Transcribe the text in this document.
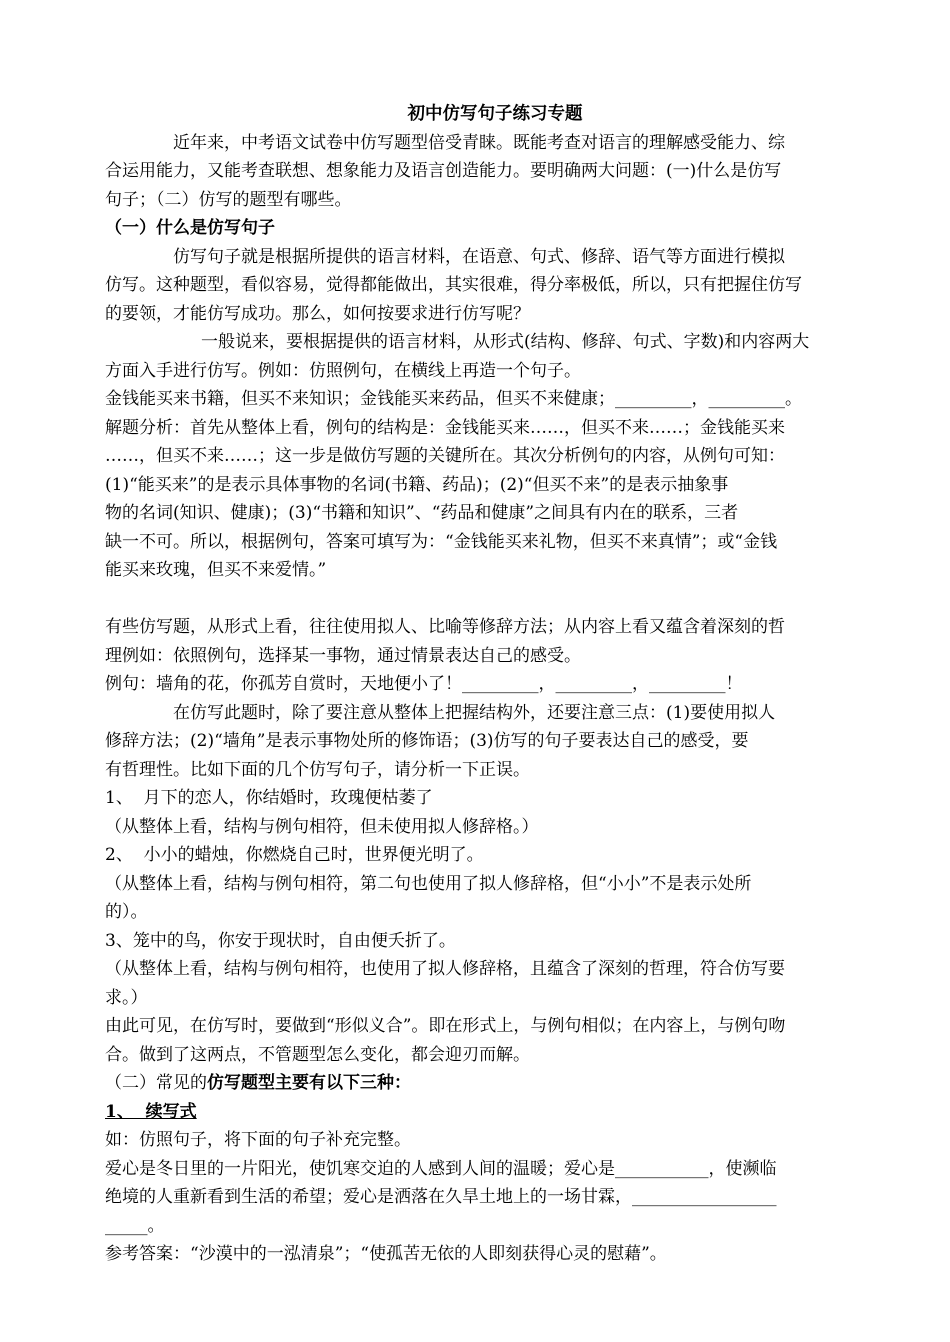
初中仿写句子练习专题
近年来，中考语文试卷中仿写题型倍受青睐。既能考查对语言的理解感受能力、综
合运用能力，又能考查联想、想象能力及语言创造能力。要明确两大问题：(一)什么是仿写
句子；（二）仿写的题型有哪些。
（一）什么是仿写句子
仿写句子就是根据所提供的语言材料，在语意、句式、修辞、语气等方面进行模拟
仿写。这种题型，看似容易，觉得都能做出，其实很难，得分率极低，所以，只有把握住仿写
的要领，才能仿写成功。那么，如何按要求进行仿写呢？
一般说来，要根据提供的语言材料，从形式(结构、修辞、句式、字数)和内容两大
方面入手进行仿写。例如：仿照例句，在横线上再造一个句子。
金钱能买来书籍，但买不来知识；金钱能买来药品，但买不来健康；_________，_________。
解题分析：首先从整体上看，例句的结构是：金钱能买来……，但买不来……；金钱能买来
……，但买不来……；这一步是做仿写题的关键所在。其次分析例句的内容，从例句可知：
(1)“能买来”的是表示具体事物的名词(书籍、药品)；(2)“但买不来”的是表示抽象事
物的名词(知识、健康)；(3)“书籍和知识”、“药品和健康”之间具有内在的联系，三者
缺一不可。所以，根据例句，答案可填写为：“金钱能买来礼物，但买不来真情”；或“金钱
能买来玫瑰，但买不来爱情。”
有些仿写题，从形式上看，往往使用拟人、比喻等修辞方法；从内容上看又蕴含着深刻的哲
理例如：依照例句，选择某一事物，通过情景表达自己的感受。
例句：墙角的花，你孤芳自赏时，天地便小了！_________，_________，_________！
在仿写此题时，除了要注意从整体上把握结构外，还要注意三点：(1)要使用拟人
修辞方法；(2)“墙角”是表示事物处所的修饰语；(3)仿写的句子要表达自己的感受，要
有哲理性。比如下面的几个仿写句子，请分析一下正误。
1、  月下的恋人，你结婚时，玫瑰便枯萎了
（从整体上看，结构与例句相符，但未使用拟人修辞格。）
2、  小小的蜡烛，你燃烧自己时，世界便光明了。
（从整体上看，结构与例句相符，第二句也使用了拟人修辞格，但“小小”不是表示处所
的）。
3、笼中的鸟，你安于现状时，自由便夭折了。
（从整体上看，结构与例句相符，也使用了拟人修辞格，且蕴含了深刻的哲理，符合仿写要
求。）
由此可见，在仿写时，要做到“形似义合”。即在形式上，与例句相似；在内容上，与例句吻
合。做到了这两点，不管题型怎么变化，都会迎刃而解。
（二）常见的仿写题型主要有以下三种：
1、  续写式
如：仿照句子，将下面的句子补充完整。
爱心是冬日里的一片阳光，使饥寒交迫的人感到人间的温暖；爱心是___________，使濒临
绝境的人重新看到生活的希望；爱心是洒落在久旱土地上的一场甘霖，_________________
_____。
参考答案：“沙漠中的一泓清泉”；“使孤苦无依的人即刻获得心灵的慰藉”。
